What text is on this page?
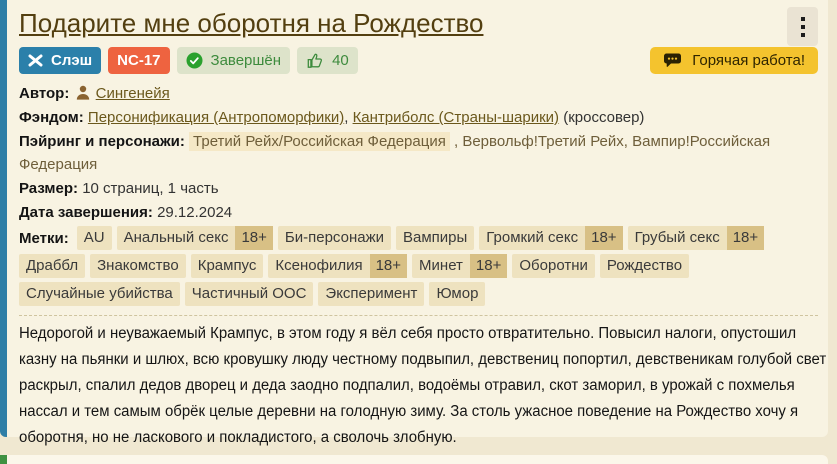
Подарите мне оборотня на Рождество
Слэш NC-17	Завершён	40	Горячая работа!
Автор: Сингенейя
Фэндом: Персонификация (Антропоморфики), Кантриболс (Страны-шарики) (кроссовер)
Пэйринг и персонажи: Третий Рейх/Российская Федерация , Вервольф!Третий Рейх, Вампир!Российская Федерация
Размер: 10 страниц, 1 часть
Дата завершения: 29.12.2024
Метки:	AU	Анальный секс 18+	Би-персонажи	Вампиры	Громкий секс 18+	Грубый секс 18+
Драббл	Знакомство	Крампус	Ксенофилия 18+	Минет 18+	Оборотни	Рождество
Случайные убийства	Частичный ООС	Эксперимент	Юмор
Недорогой и неуважаемый Крампус, в этом году я вёл себя просто отвратительно. Повысил налоги, опустошил казну на пьянки и шлюх, всю кровушку люду честному подвыпил, девствениц попортил, девственикам голубой свет раскрыл, спалил дедов дворец и деда заодно подпалил, водоёмы отравил, скот заморил, в урожай с похмелья нассал и тем самым обрёк целые деревни на голодную зиму. За столь ужасное поведение на Рождество хочу я оборотня, но не ласкового и покладистого, а сволочь злобную.
